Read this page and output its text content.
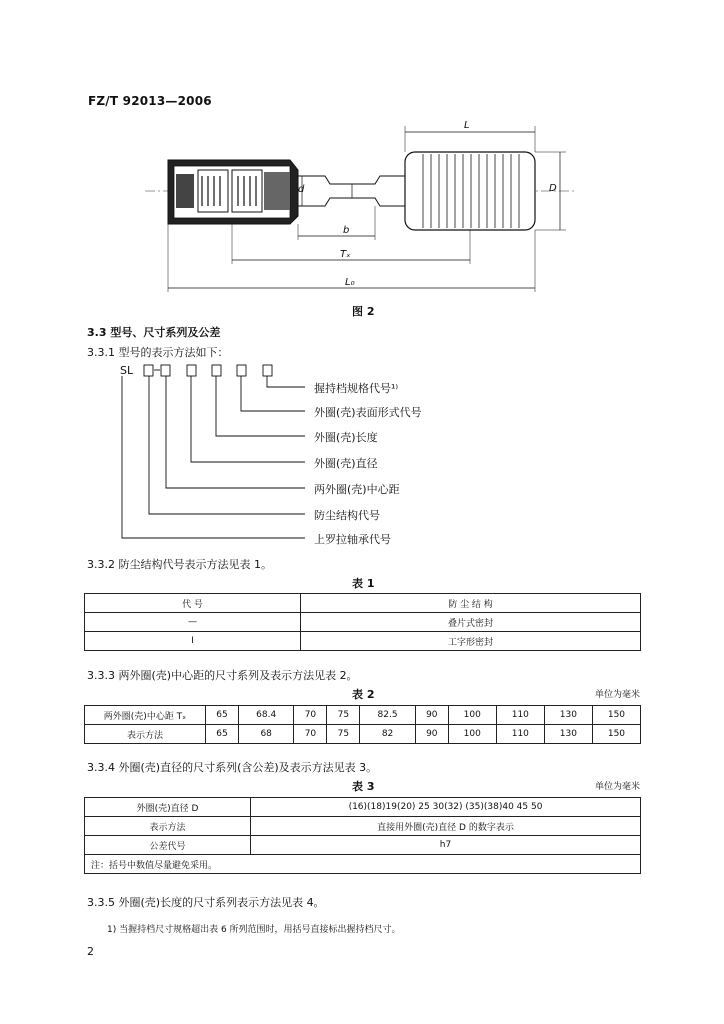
FZ/T 92013—2006
L
D
d
b
Tₓ
L₀
图 2
3.3 型号、尺寸系列及公差
3.3.1 型号的表示方法如下：
SL
握持档规格代号¹⁾
外圈(壳)表面形式代号
外圈(壳)长度
外圈(壳)直径
两外圈(壳)中心距
防尘结构代号
上罗拉轴承代号
3.3.2 防尘结构代号表示方法见表 1。
表 1
代 号	防 尘 结 构
—	叠片式密封
I	工字形密封
3.3.3 两外圈(壳)中心距的尺寸系列及表示方法见表 2。
表 2	单位为毫米
两外圈(壳)中心距 Tₓ	65	68.4	70	75	82.5	90	100	110	130	150
表示方法	65	68	70	75	82	90	100	110	130	150
3.3.4 外圈(壳)直径的尺寸系列(含公差)及表示方法见表 3。
表 3	单位为毫米
外圈(壳)直径 D	(16)(18)19(20) 25 30(32) (35)(38)40 45 50
表示方法	直接用外圈(壳)直径 D 的数字表示
公差代号	h7
注：括号中数值尽量避免采用。	
3.3.5 外圈(壳)长度的尺寸系列表示方法见表 4。
1) 当握持档尺寸规格超出表 6 所列范围时，用括号直接标出握持档尺寸。
2
